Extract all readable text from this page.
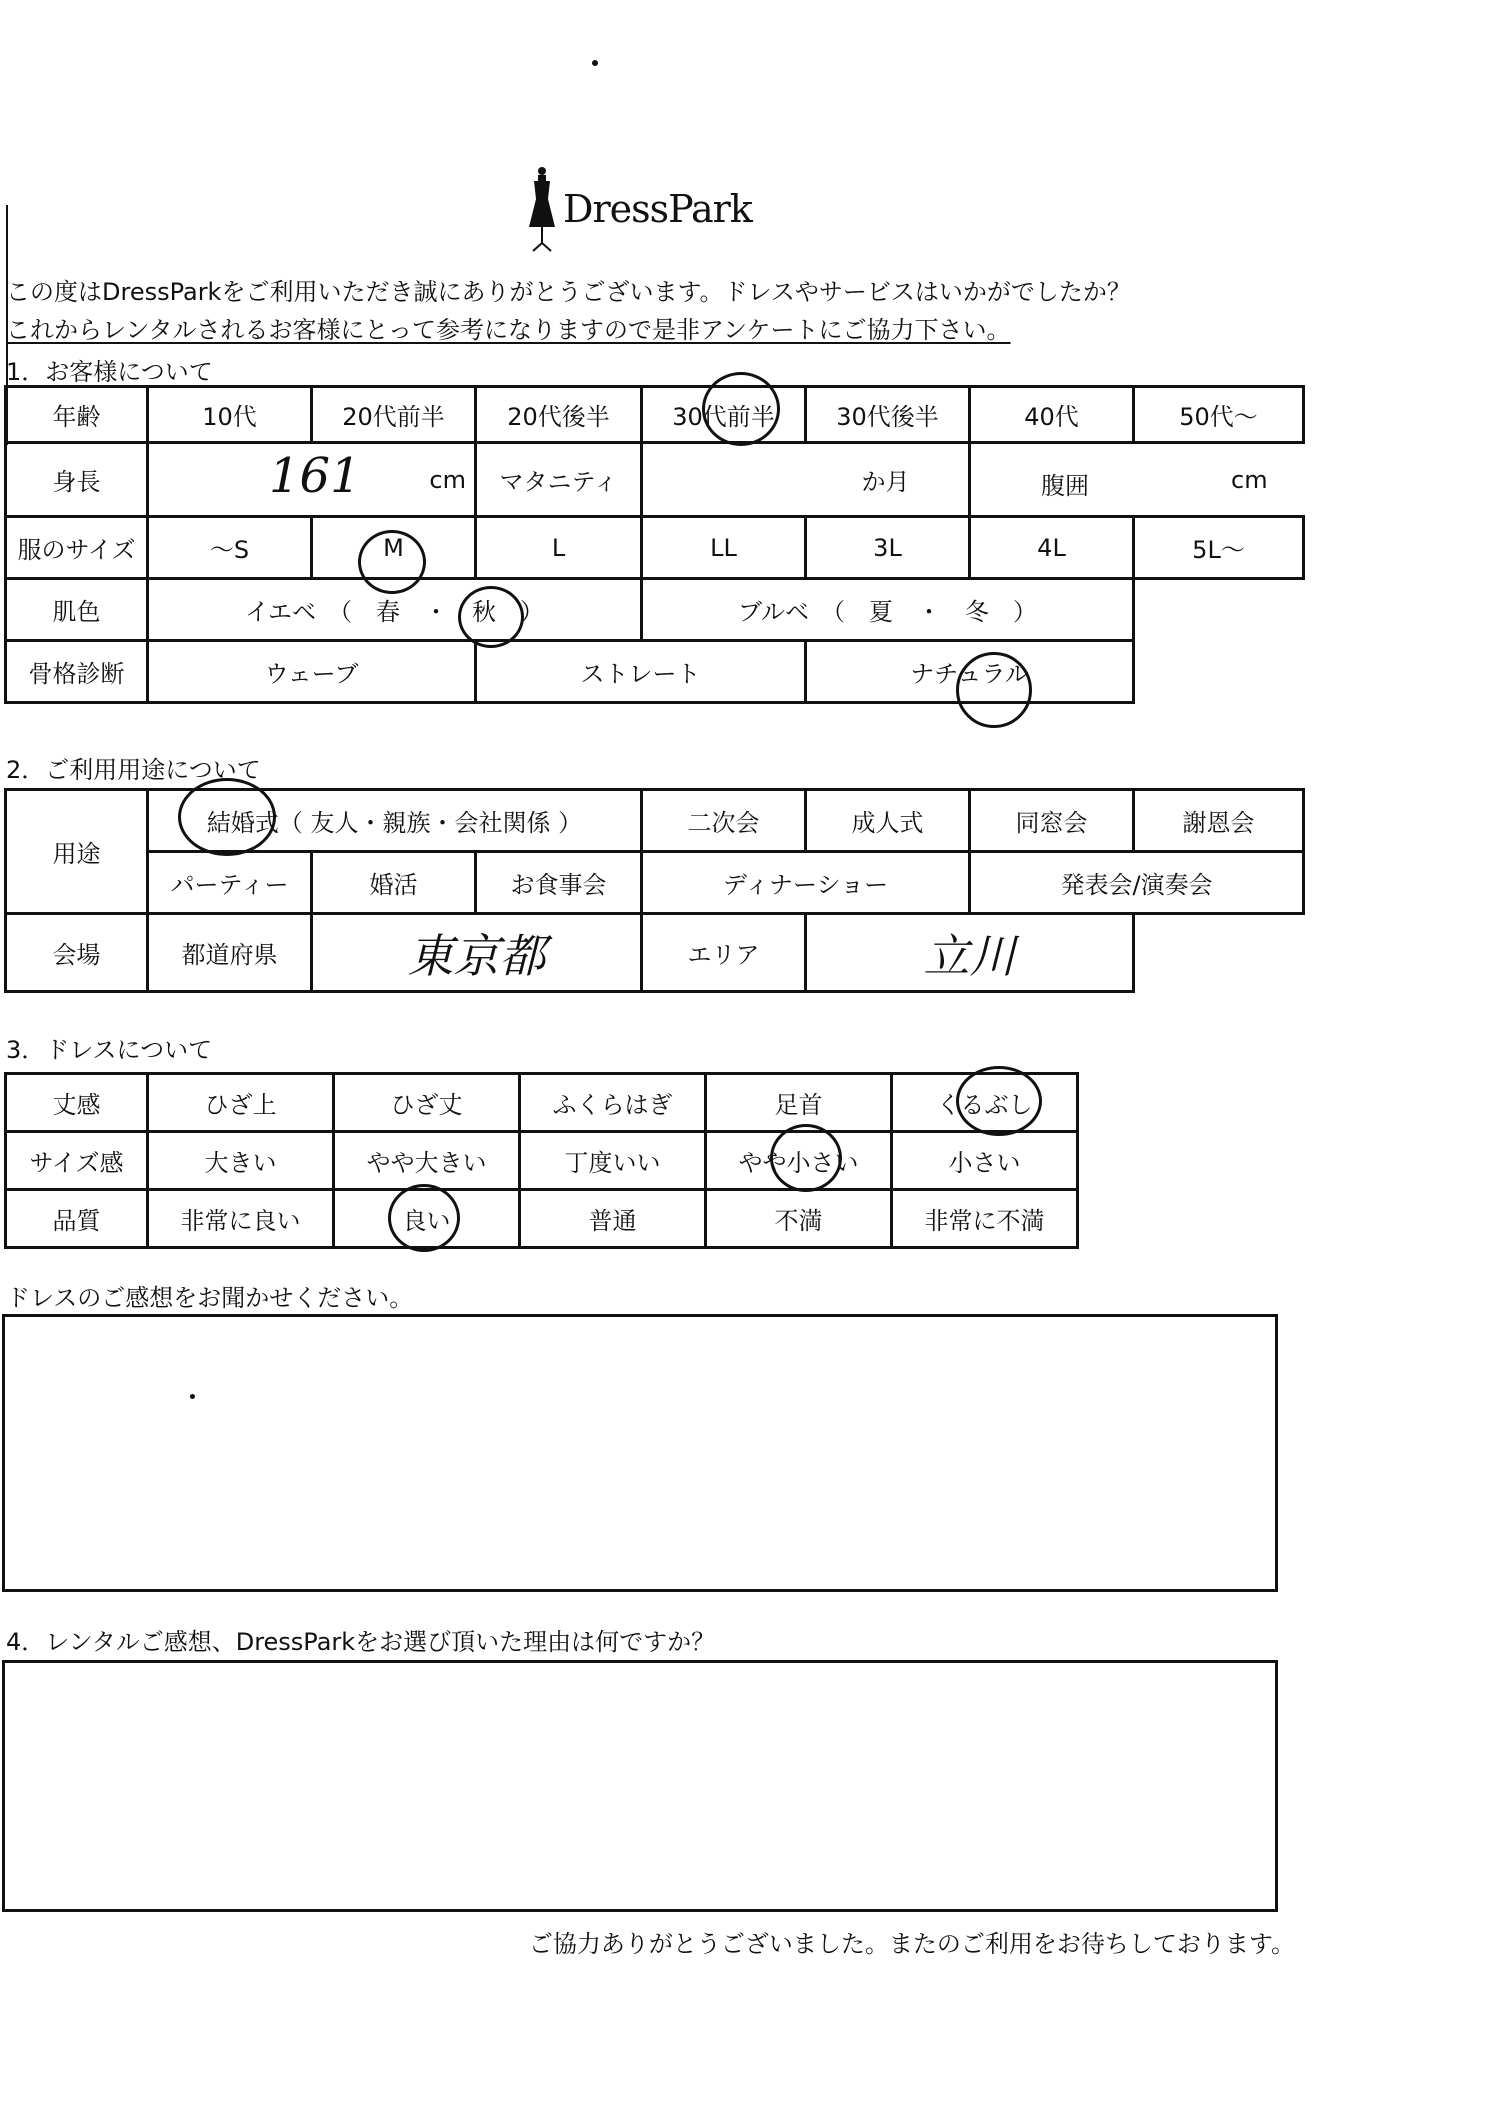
DressPark
この度はDressParkをご利用いただき誠にありがとうございます。ドレスやサービスはいかがでしたか？
これからレンタルされるお客様にとって参考になりますので是非アンケートにご協力下さい。
1．お客様について
年齢	10代	20代前半	20代後半	30代前半	30代後半	40代	50代〜
身長	161 cm		マタニティ	か月		腹囲 cm	

服のサイズ	〜S	M	L	LL	3L	4L	5L〜
肌色	イエベ　（　春　・　秋　）			ブルベ　（　夏　・　冬　）			
骨格診断	ウェーブ		ストレート		ナチュラル		
2．ご利用用途について
用途	結婚式（ 友人・親族・会社関係 ）			二次会	成人式	同窓会	謝恩会
	パーティー	婚活	お食事会	ディナーショー		発表会/演奏会	
会場	都道府県	東京都		エリア	立川		
3．ドレスについて
丈感	ひざ上	ひざ丈	ふくらはぎ	足首	くるぶし
サイズ感	大きい	やや大きい	丁度いい	やや小さい	小さい
品質	非常に良い	良い	普通	不満	非常に不満
ドレスのご感想をお聞かせください。
4．レンタルご感想、DressParkをお選び頂いた理由は何ですか？
ご協力ありがとうございました。またのご利用をお待ちしております。
